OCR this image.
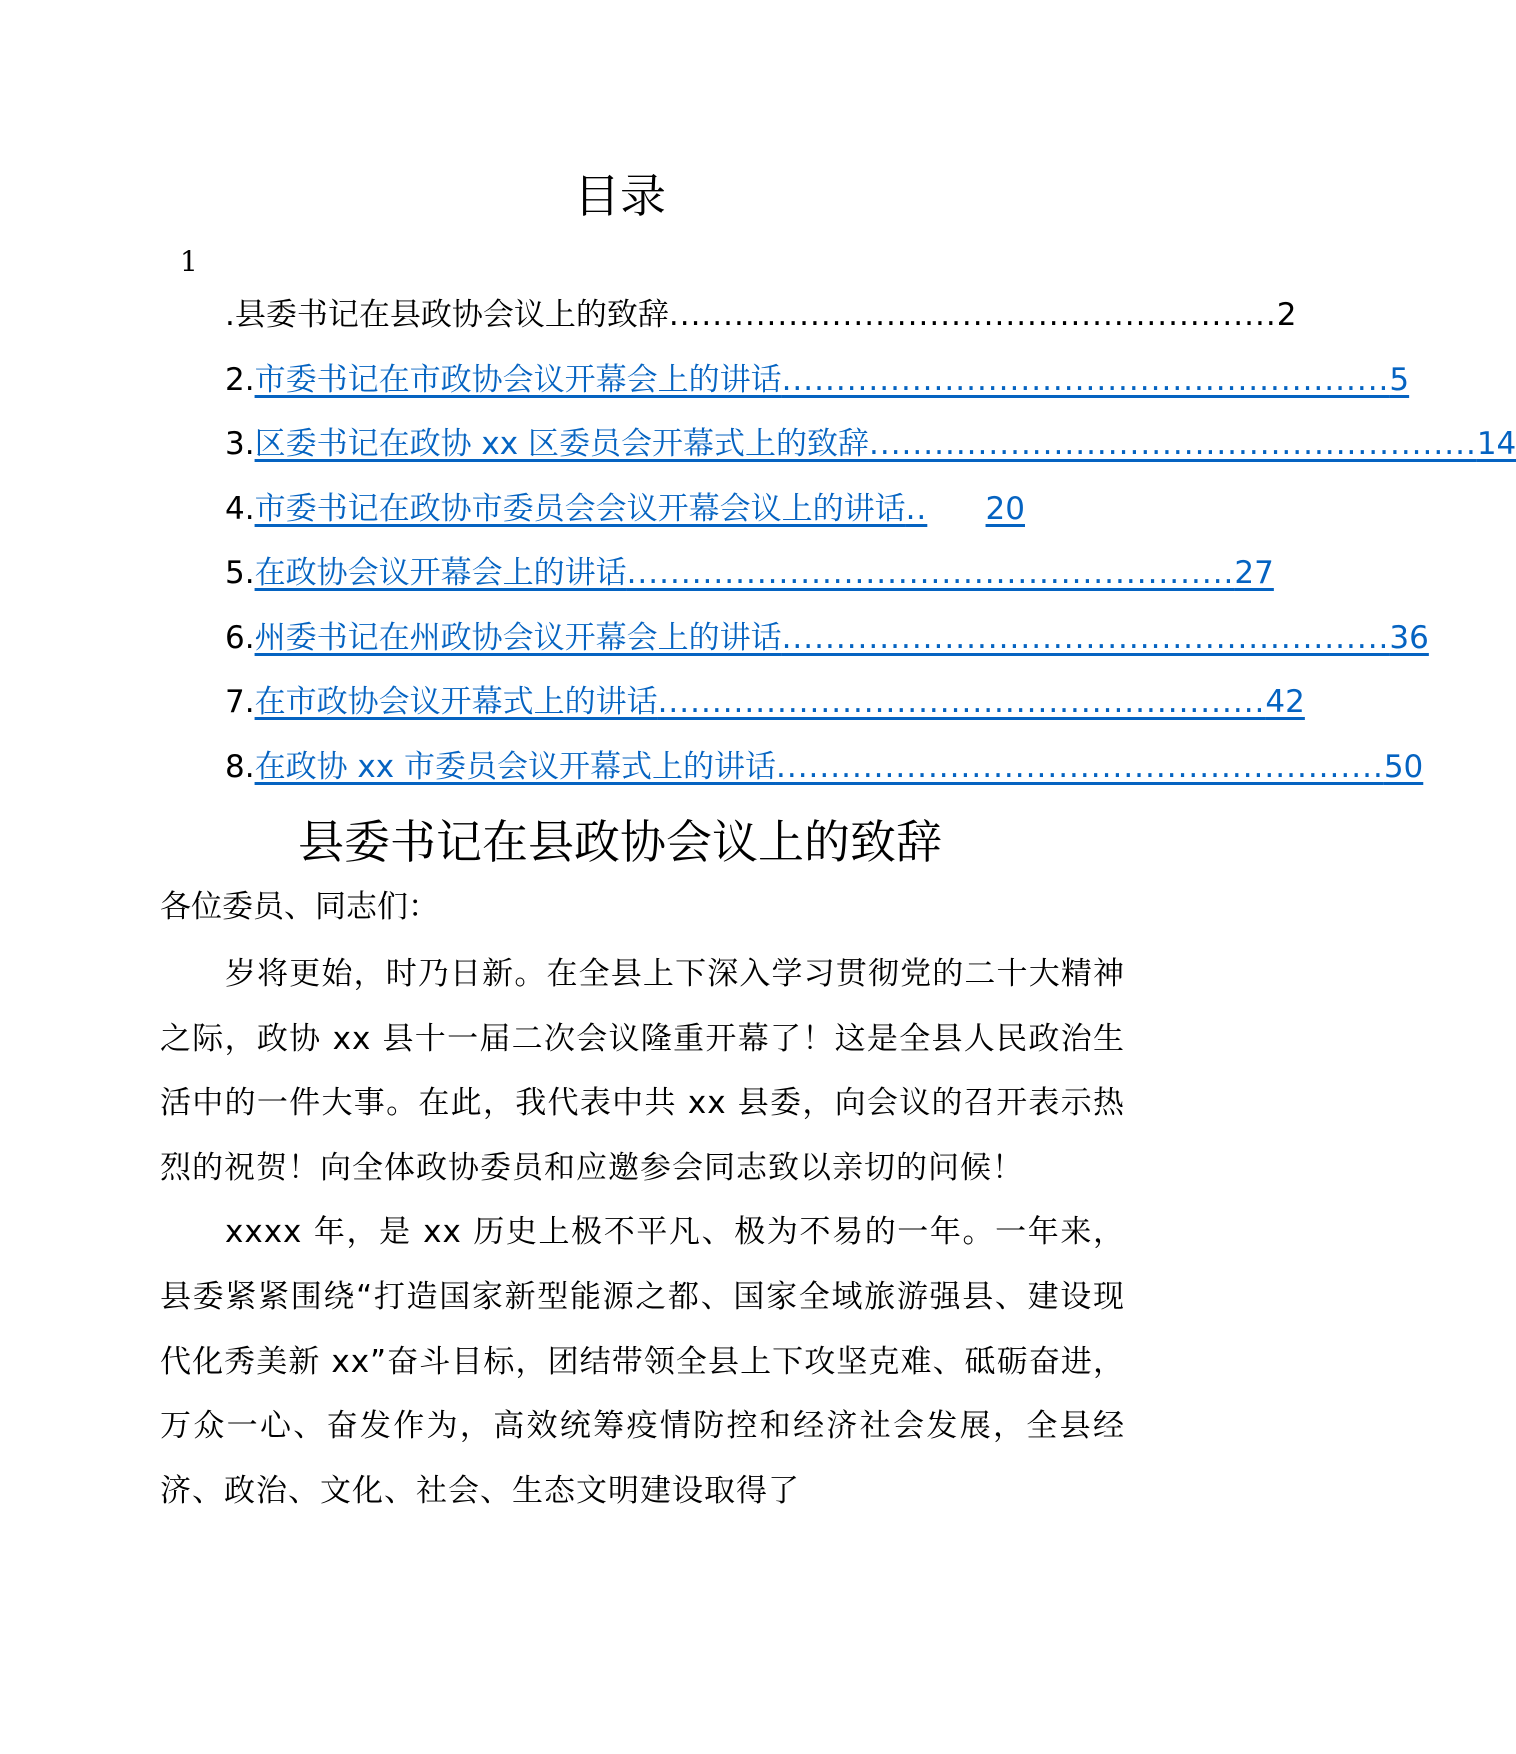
目录
1
.县委书记在县政协会议上的致辞 ........................................................ 2
2. 市委书记在市政协会议开幕会上的讲话 ........................................................ 5
3. 区委书记在政协 xx 区委员会开幕式上的致辞 ........................................................ 14
4. 市委书记在政协市委员会会议开幕会议上的讲话 ..	20
5. 在政协会议开幕会上的讲话 ........................................................ 27
6. 州委书记在州政协会议开幕会上的讲话 ........................................................ 36
7. 在市政协会议开幕式上的讲话 ........................................................ 42
8. 在政协 xx 市委员会议开幕式上的讲话 ........................................................ 50
县委书记在县政协会议上的致辞

各位委员、同志们：

岁将更始，时乃日新。在全县上下深入学习贯彻党的二十大精神之际，政协 xx 县十一届二次会议隆重开幕了！这是全县人民政治生活中的一件大事。在此，我代表中共 xx 县委，向会议的召开表示热烈的祝贺！向全体政协委员和应邀参会同志致以亲切的问候！

xxxx 年，是 xx 历史上极不平凡、极为不易的一年。一年来，县委紧紧围绕“打造国家新型能源之都、国家全域旅游强县、建设现代化秀美新 xx”奋斗目标，团结带领全县上下攻坚克难、砥砺奋进，万众一心、奋发作为，高效统筹疫情防控和经济社会发展，全县经济、政治、文化、社会、生态文明建设取得了
